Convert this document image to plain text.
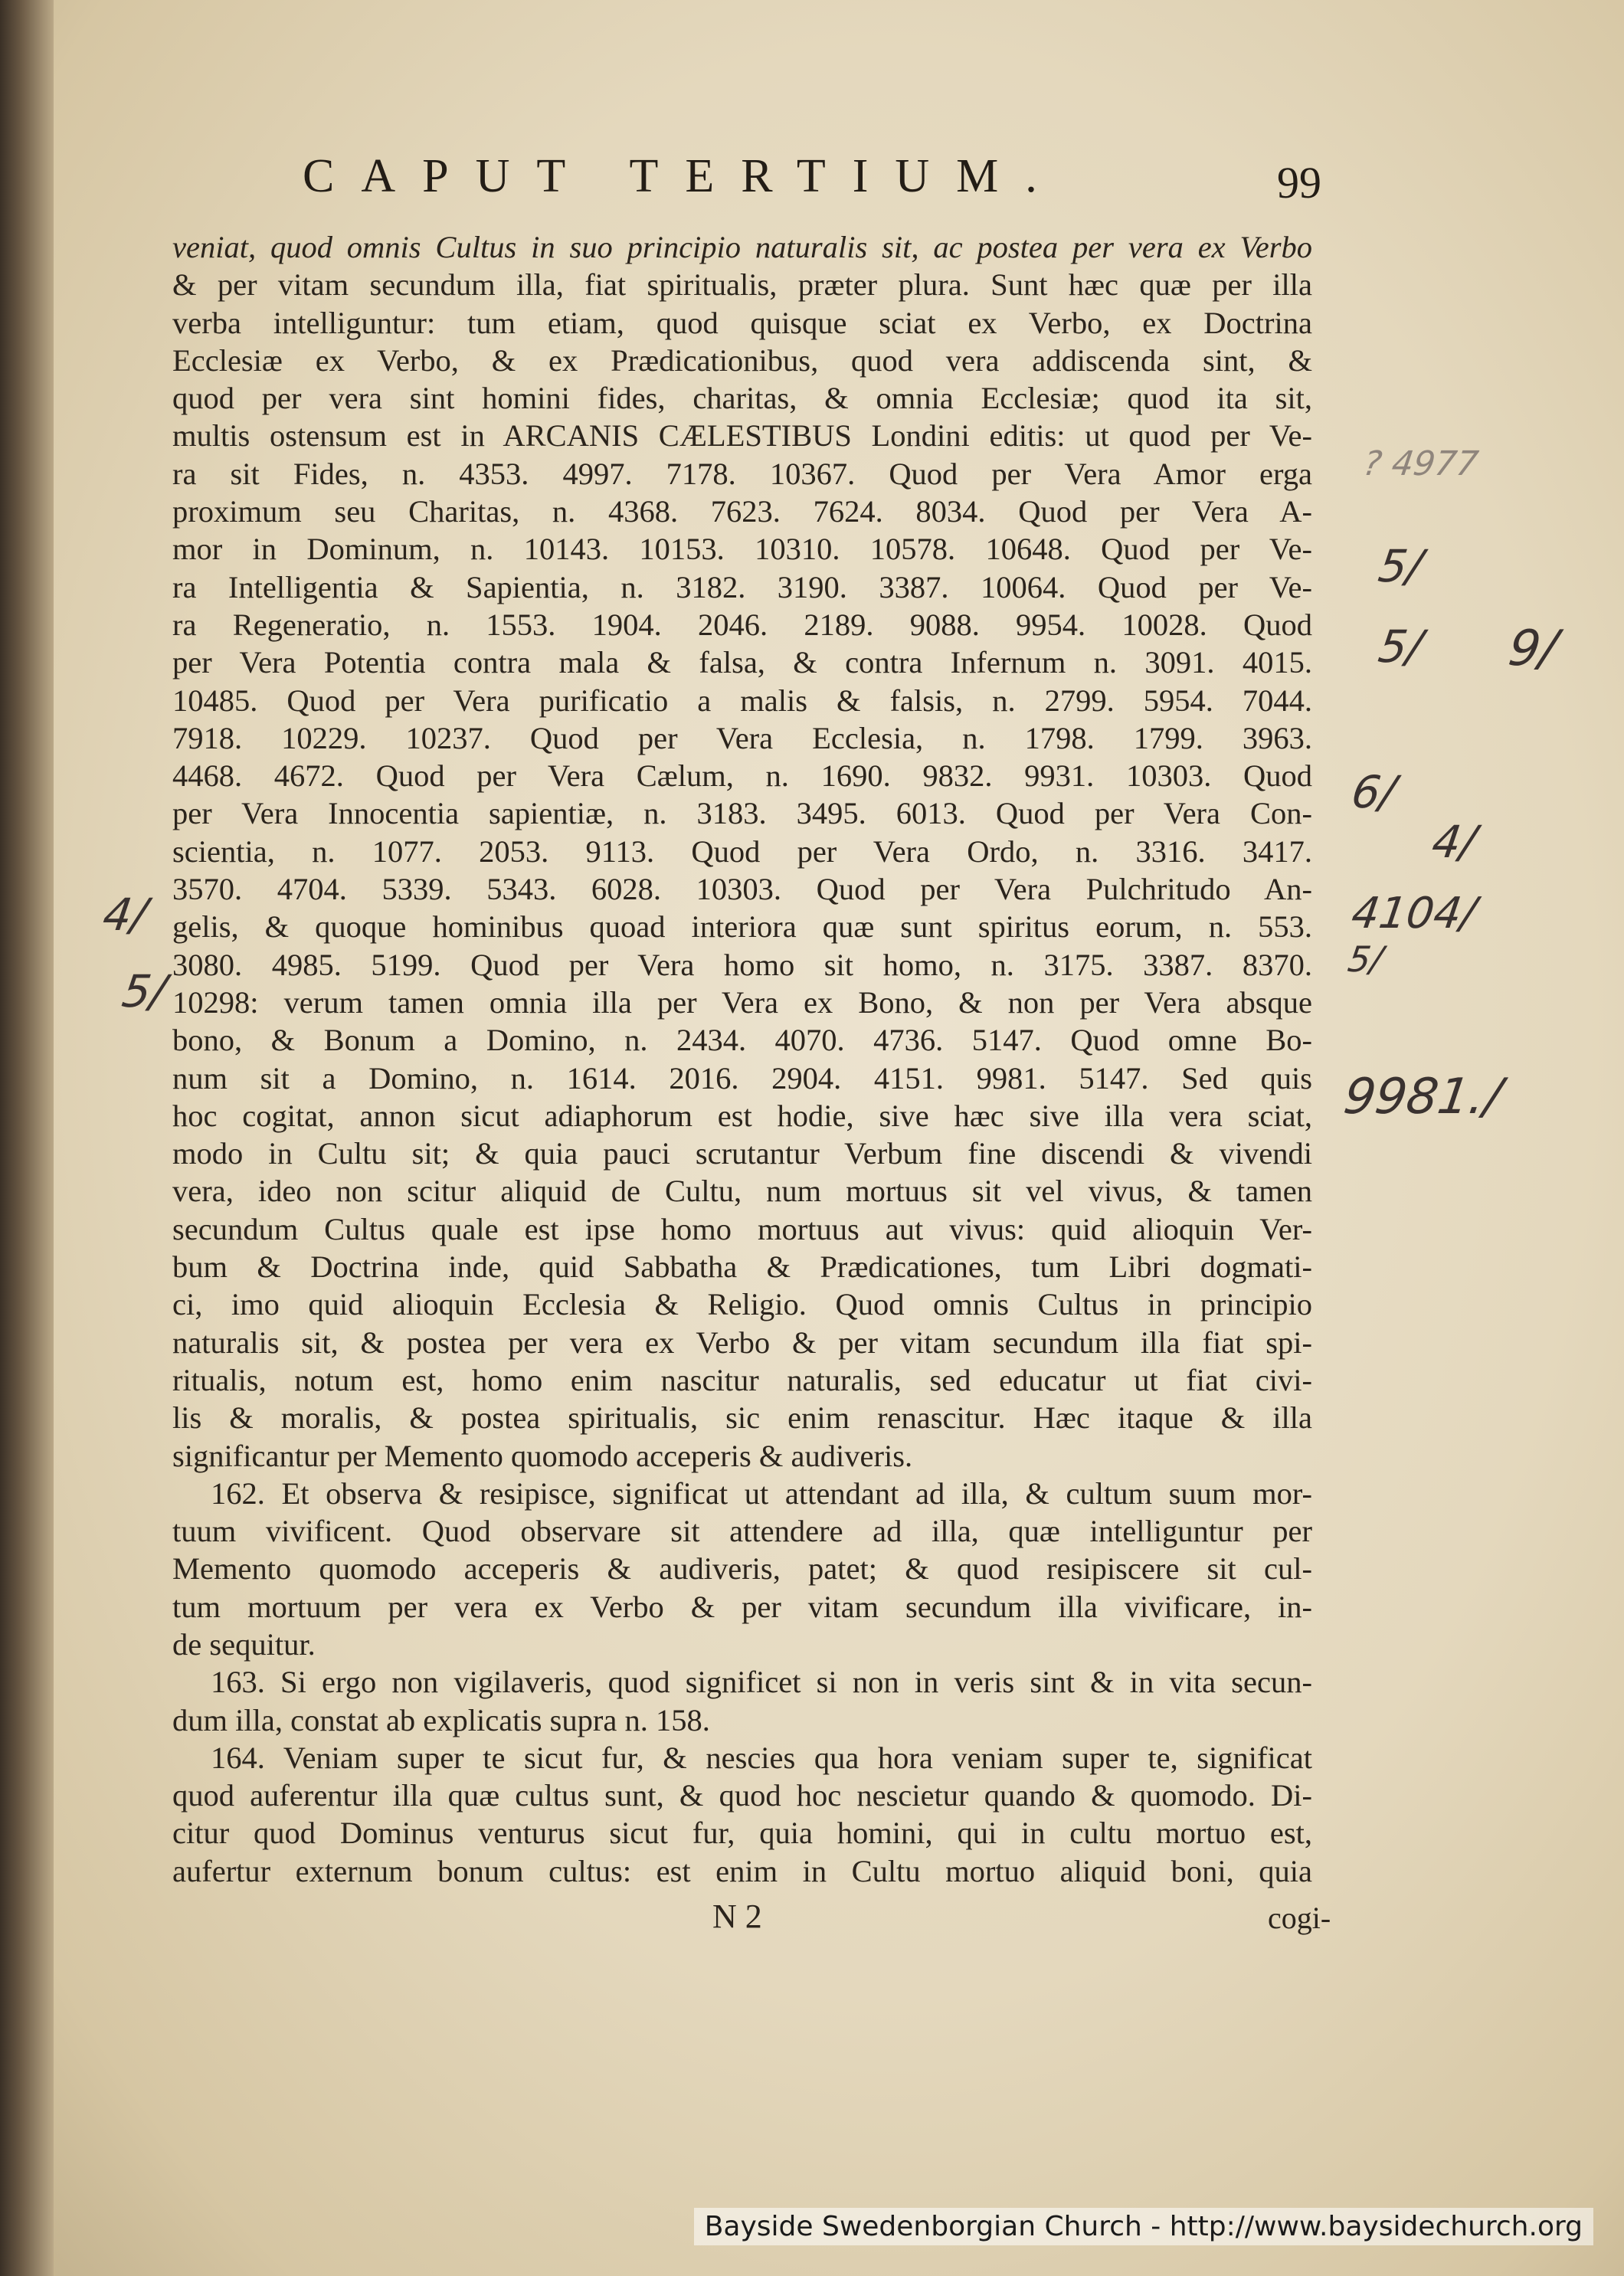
CAPUT TERTIUM.	99
veniat, quod omnis Cultus in suo principio naturalis sit, ac postea per vera ex Verbo
& per vitam secundum illa, fiat spiritualis, præter plura. Sunt hæc quæ per illa
verba intelliguntur: tum etiam, quod quisque sciat ex Verbo, ex Doctrina
Ecclesiæ ex Verbo, & ex Prædicationibus, quod vera addiscenda sint, &
quod per vera sint homini fides, charitas, & omnia Ecclesiæ; quod ita sit,
multis ostensum est in ARCANIS CÆLESTIBUS Londini editis: ut quod per Ve-
ra sit Fides, n. 4353. 4997. 7178. 10367. Quod per Vera Amor erga
proximum seu Charitas, n. 4368. 7623. 7624. 8034. Quod per Vera A-
mor in Dominum, n. 10143. 10153. 10310. 10578. 10648. Quod per Ve-
ra Intelligentia & Sapientia, n. 3182. 3190. 3387. 10064. Quod per Ve-
ra Regeneratio, n. 1553. 1904. 2046. 2189. 9088. 9954. 10028. Quod
per Vera Potentia contra mala & falsa, & contra Infernum n. 3091. 4015.
10485. Quod per Vera purificatio a malis & falsis, n. 2799. 5954. 7044.
7918. 10229. 10237. Quod per Vera Ecclesia, n. 1798. 1799. 3963.
4468. 4672. Quod per Vera Cælum, n. 1690. 9832. 9931. 10303. Quod
per Vera Innocentia sapientiæ, n. 3183. 3495. 6013. Quod per Vera Con-
scientia, n. 1077. 2053. 9113. Quod per Vera Ordo, n. 3316. 3417.
3570. 4704. 5339. 5343. 6028. 10303. Quod per Vera Pulchritudo An-
gelis, & quoque hominibus quoad interiora quæ sunt spiritus eorum, n. 553.
3080. 4985. 5199. Quod per Vera homo sit homo, n. 3175. 3387. 8370.
10298: verum tamen omnia illa per Vera ex Bono, & non per Vera absque
bono, & Bonum a Domino, n. 2434. 4070. 4736. 5147. Quod omne Bo-
num sit a Domino, n. 1614. 2016. 2904. 4151. 9981. 5147. Sed quis
hoc cogitat, annon sicut adiaphorum est hodie, sive hæc sive illa vera sciat,
modo in Cultu sit; & quia pauci scrutantur Verbum fine discendi & vivendi
vera, ideo non scitur aliquid de Cultu, num mortuus sit vel vivus, & tamen
secundum Cultus quale est ipse homo mortuus aut vivus: quid alioquin Ver-
bum & Doctrina inde, quid Sabbatha & Prædicationes, tum Libri dogmati-
ci, imo quid alioquin Ecclesia & Religio. Quod omnis Cultus in principio
naturalis sit, & postea per vera ex Verbo & per vitam secundum illa fiat spi-
ritualis, notum est, homo enim nascitur naturalis, sed educatur ut fiat civi-
lis & moralis, & postea spiritualis, sic enim renascitur. Hæc itaque & illa
significantur per Memento quomodo acceperis & audiveris.
162. Et observa & resipisce, significat ut attendant ad illa, & cultum suum mor-
tuum vivificent. Quod observare sit attendere ad illa, quæ intelliguntur per
Memento quomodo acceperis & audiveris, patet; & quod resipiscere sit cul-
tum mortuum per vera ex Verbo & per vitam secundum illa vivificare, in-
de sequitur.
163. Si ergo non vigilaveris, quod significet si non in veris sint & in vita secun-
dum illa, constat ab explicatis supra n. 158.
164. Veniam super te sicut fur, & nescies qua hora veniam super te, significat
quod auferentur illa quæ cultus sunt, & quod hoc nescietur quando & quomodo. Di-
citur quod Dominus venturus sicut fur, quia homini, qui in cultu mortuo est,
aufertur externum bonum cultus: est enim in Cultu mortuo aliquid boni, quia
N 2	cogi-
? 4977
5/
5/ 9/
6/
4/
4/	4104/
5/
5/
9981./
Bayside Swedenborgian Church - http://www.baysidechurch.org
